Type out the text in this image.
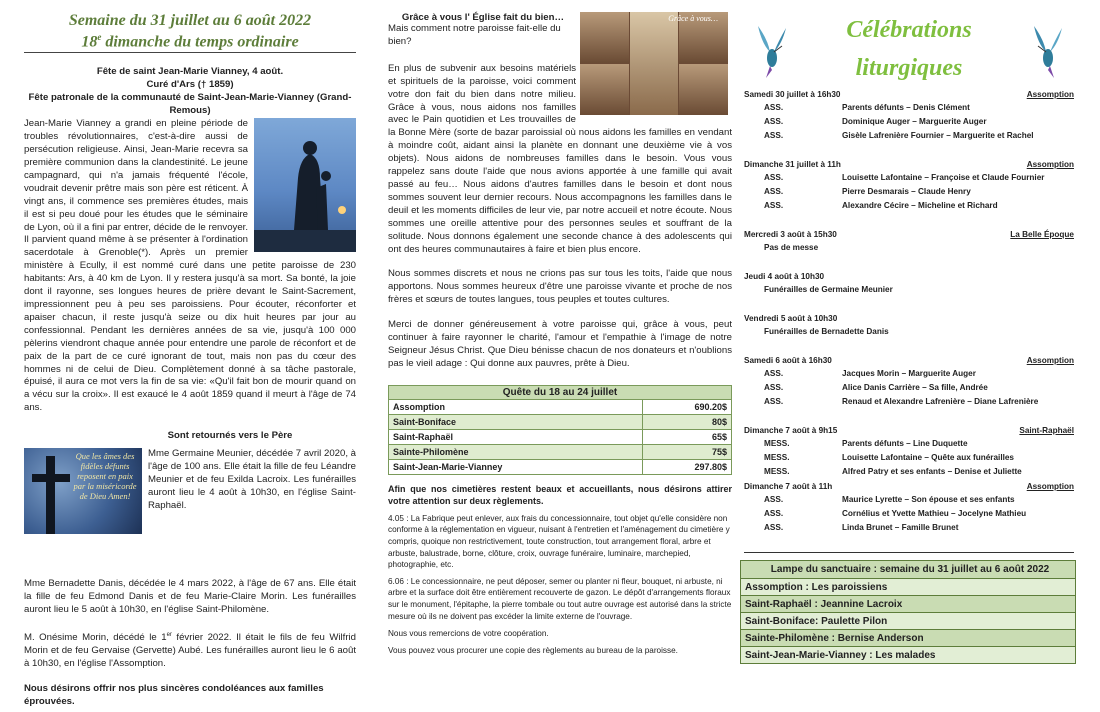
Semaine du 31 juillet au 6 août 2022
18e dimanche du temps ordinaire
Fête de saint Jean-Marie Vianney, 4 août.
Curé d'Ars († 1859)
Fête patronale de la communauté de Saint-Jean-Marie-Vianney (Grand-Remous)

Jean-Marie Vianney a grandi en pleine période de troubles révolutionnaires, c'est-à-dire aussi de persécution religieuse. Ainsi, Jean-Marie recevra sa première communion dans la clandestinité. Le jeune campagnard, qui n'a jamais fréquenté l'école, voudrait devenir prêtre mais son père est réticent. À vingt ans, il commence ses premières études, mais il est si peu doué pour les études que le séminaire de Lyon, où il a fini par entrer, décide de le renvoyer. Il parvient quand même à se présenter à l'ordination sacerdotale à Grenoble(*). Après un premier ministère à Ecully, il est nommé curé dans une petite paroisse de 230 habitants: Ars, à 40 km de Lyon. Il y restera jusqu'à sa mort. Sa bonté, la joie dont il rayonne, ses longues heures de prière devant le Saint-Sacrement, impressionnent peu à peu ses paroissiens. Pour écouter, réconforter et apaiser chacun, il reste jusqu'à seize ou dix huit heures par jour au confessionnal. Pendant les dernières années de sa vie, jusqu'à 100 000 pèlerins viendront chaque année pour entendre une parole de réconfort et de paix de la part de ce curé ignorant de tout, mais non pas du cœur des hommes ni de celui de Dieu. Complètement donné à sa tâche pastorale, épuisé, il aura ce mot vers la fin de sa vie: «Qu'il fait bon de mourir quand on a vécu sur la croix». Il est exaucé le 4 août 1859 quand il meurt à l'âge de 74 ans.

Sont retournés vers le Père
Que les âmes des fidèles défunts reposent en paix par la miséricorde de Dieu Amen!

Mme Germaine Meunier, décédée 7 avril 2020, à l'âge de 100 ans. Elle était la fille de feu Léandre Meunier et de feu Exilda Lacroix. Les funérailles auront lieu le 4 août à 10h30, en l'église Saint-Raphaël.

Mme Bernadette Danis, décédée le 4 mars 2022, à l'âge de 67 ans. Elle était la fille de feu Edmond Danis et de feu Marie-Claire Morin. Les funérailles auront lieu le 5 août à 10h30, en l'église Saint-Philomène.

M. Onésime Morin, décédé le 1er février 2022. Il était le fils de feu Wilfrid Morin et de feu Gervaise (Gervette) Aubé. Les funérailles auront lieu le 6 août à 10h30, en l'église l'Assomption.

Nous désirons offrir nos plus sincères condoléances aux familles éprouvées.

Grâce à vous…
Grâce à vous l' Église fait du bien…

Mais comment notre paroisse fait-elle du bien?

En plus de subvenir aux besoins matériels et spirituels de la paroisse, voici comment votre don fait du bien dans notre milieu. Grâce à vous, nous aidons nos familles avec le Pain quotidien et Les trouvailles de la Bonne Mère (sorte de bazar paroissial où nous aidons les familles en vendant à moindre coût, aidant ainsi la planète en donnant une deuxième vie à vos objets). Nous aidons de nombreuses familles dans le besoin. Vous vous rappelez sans doute l'aide que nous avions apportée à une famille qui avait passé au feu… Nous aidons d'autres familles dans le besoin et dont nous sommes souvent leur dernier recours. Nous accompagnons les familles dans le deuil et les moments difficiles de leur vie, par notre accueil et notre écoute. Nous sommes une oreille attentive pour des personnes seules et souffrant de la solitude. Nous donnons également une seconde chance à des adolescents qui ont des heures communautaires à faire et bien plus encore.

Nous sommes discrets et nous ne crions pas sur tous les toits, l'aide que nous apportons. Nous sommes heureux d'être une paroisse vivante et proche de nos frères et sœurs de toutes langues, tous peuples et toutes cultures.

Merci de donner généreusement à votre paroisse qui, grâce à vous, peut continuer à faire rayonner le charité, l'amour et l'empathie à l'image de notre Seigneur Jésus Christ. Que Dieu bénisse chacun de nos donateurs et n'oublions pas le vieil adage : Qui donne aux pauvres, prête à Dieu.

Quête du 18 au 24 juillet	
Assomption	690.20$
Saint-Boniface	80$
Saint-Raphaël	65$
Sainte-Philomène	75$
Saint-Jean-Marie-Vianney	297.80$

Afin que nos cimetières restent beaux et accueillants, nous désirons attirer votre attention sur deux règlements.

4.05 : La Fabrique peut enlever, aux frais du concessionnaire, tout objet qu'elle considère non conforme à la réglementation en vigueur, nuisant à l'entretien et l'aménagement du cimetière y compris, quoique non restrictivement, toute construction, tout arrangement floral, arbre et arbuste, balustrade, borne, clôture, croix, ouvrage funéraire, luminaire, marchepied, photographie, etc.

6.06 : Le concessionnaire, ne peut déposer, semer ou planter ni fleur, bouquet, ni arbuste, ni arbre et la surface doit être entièrement recouverte de gazon. Le dépôt d'arrangements floraux sur le monument, l'épitaphe, la pierre tombale ou tout autre ouvrage est autorisé dans la stricte mesure où ils ne doivent pas excéder la limite externe de l'ouvrage.

Nous vous remercions de votre coopération.

Vous pouvez vous procurer une copie des règlements au bureau de la paroisse.

Célébrations
liturgiques
Samedi 30 juillet à 16h30	Assomption
ASS.	Parents défunts – Denis Clément
ASS.	Dominique Auger – Marguerite Auger
ASS.	Gisèle Lafrenière Fournier – Marguerite et Rachel
Dimanche 31 juillet à 11h	Assomption
ASS.	Louisette Lafontaine – Françoise et Claude Fournier
ASS.	Pierre Desmarais – Claude Henry
ASS.	Alexandre Cécire – Micheline et Richard
Mercredi 3 août à 15h30	La Belle Époque
Pas de messe
Jeudi 4 août à 10h30
Funérailles de Germaine Meunier
Vendredi 5 août à 10h30
Funérailles de Bernadette Danis
Samedi 6 août à 16h30	Assomption
ASS.	Jacques Morin – Marguerite Auger
ASS.	Alice Danis Carrière – Sa fille, Andrée
ASS.	Renaud et Alexandre Lafrenière – Diane Lafrenière
Dimanche 7 août à 9h15	Saint-Raphaël
MESS.	Parents défunts – Line Duquette
MESS.	Louisette Lafontaine – Quête aux funérailles
MESS.	Alfred Patry et ses enfants – Denise et Juliette
Dimanche 7 août à 11h	Assomption
ASS.	Maurice Lyrette – Son épouse et ses enfants
ASS.	Cornélius et Yvette Mathieu – Jocelyne Mathieu
ASS.	Linda Brunet – Famille Brunet
Lampe du sanctuaire : semaine du 31 juillet au 6 août 2022
Assomption : Les paroissiens
Saint-Raphaël : Jeannine Lacroix
Saint-Boniface: Paulette Pilon
Sainte-Philomène : Bernise Anderson
Saint-Jean-Marie-Vianney : Les malades
